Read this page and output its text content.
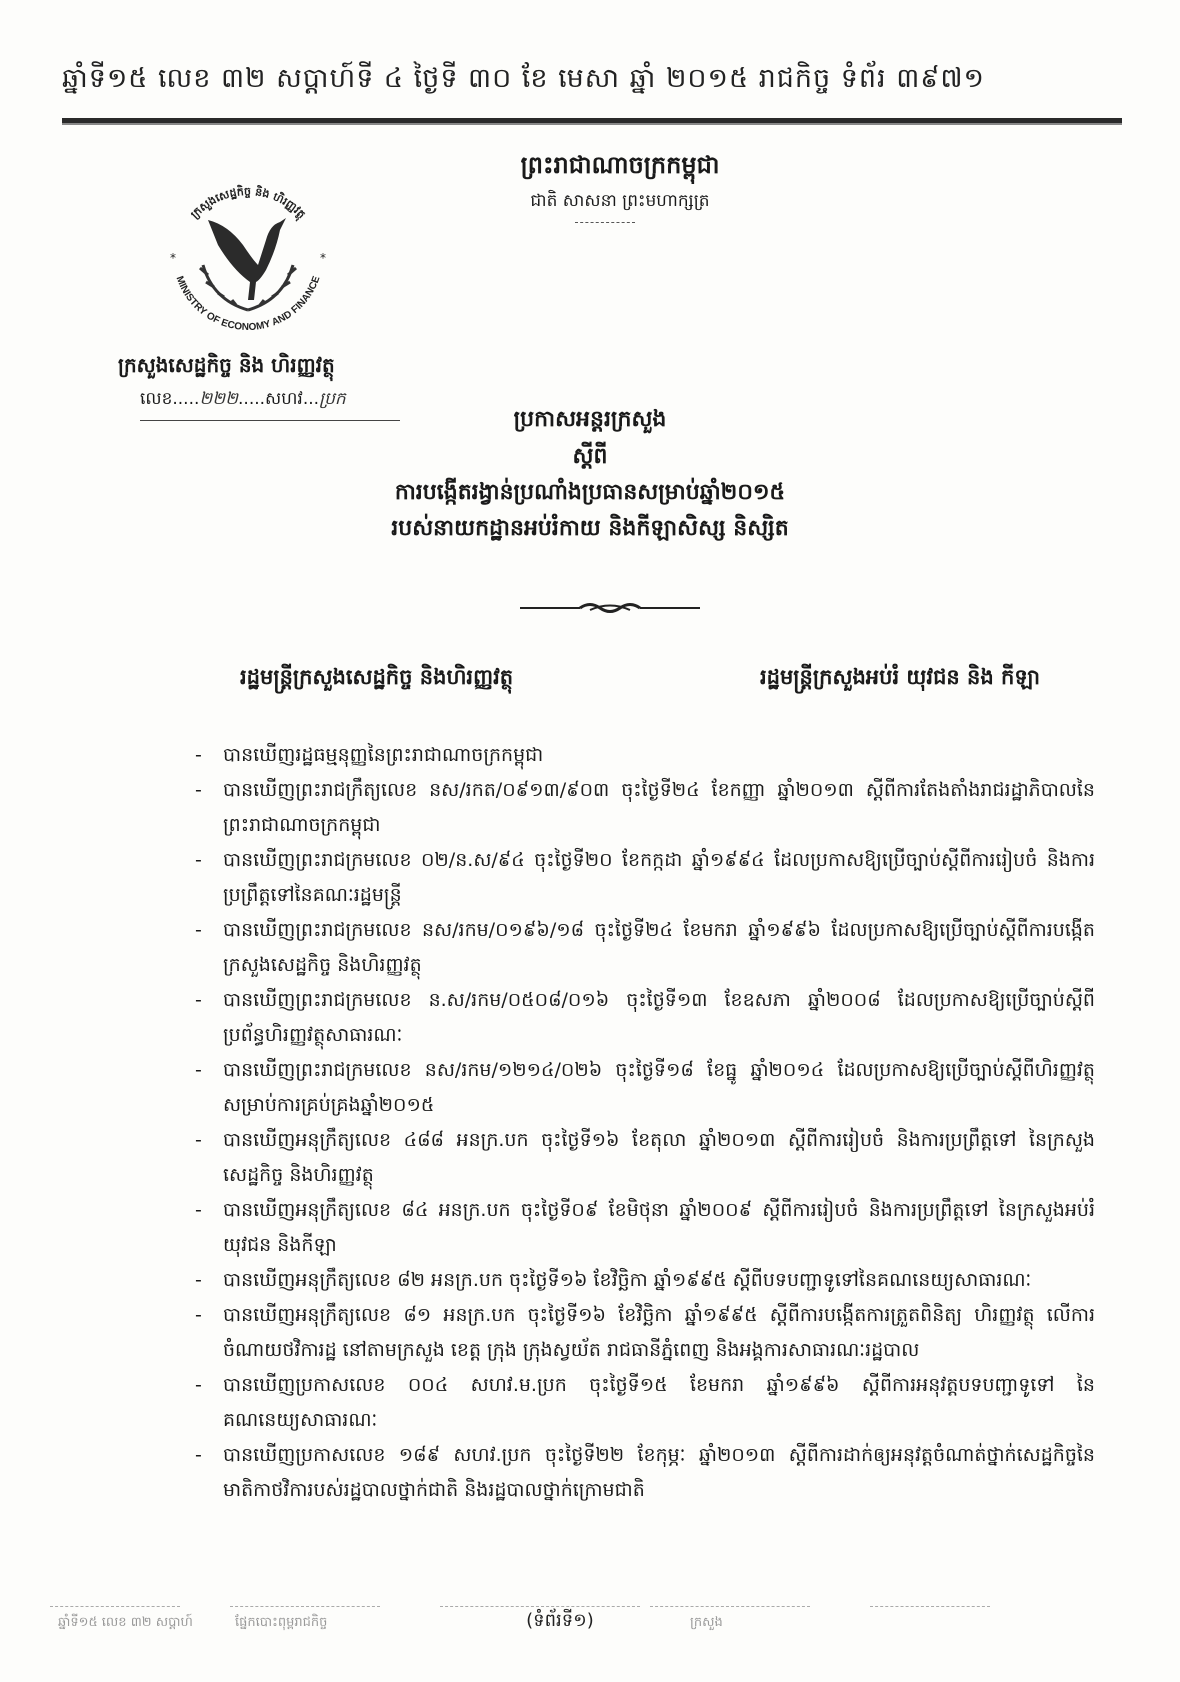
ឆ្នាំទី១៥ លេខ ៣២ សប្តាហ៍ទី ៤ ថ្ងៃទី ៣០ ខែ មេសា ឆ្នាំ ២០១៥ រាជកិច្ច ទំព័រ ៣៩៧១
ព្រះរាជាណាចក្រកម្ពុជា
ជាតិ សាសនា ព្រះមហាក្សត្រ
ក្រសួងសេដ្ឋកិច្ច និង ហិរញ្ញវត្ថុ
MINISTRY OF ECONOMY AND FINANCE
*	*
ក្រសួងសេដ្ឋកិច្ច និង ហិរញ្ញវត្ថុ
លេខ.....២២២.....សហវ...ប្រក
ប្រកាសអន្តរក្រសួង
ស្តីពី
ការបង្កើតរង្វាន់ប្រណាំងប្រធានសម្រាប់ឆ្នាំ២០១៥
របស់នាយកដ្ឋានអប់រំកាយ និងកីឡាសិស្ស និស្សិត
រដ្ឋមន្ត្រីក្រសួងសេដ្ឋកិច្ច និងហិរញ្ញវត្ថុ	រដ្ឋមន្ត្រីក្រសួងអប់រំ យុវជន និង កីឡា
- បានឃើញរដ្ឋធម្មនុញ្ញនៃព្រះរាជាណាចក្រកម្ពុជា
- បានឃើញព្រះរាជក្រឹត្យលេខ នស/រកត/០៩១៣/៩០៣ ចុះថ្ងៃទី២៤ ខែកញ្ញា ឆ្នាំ២០១៣ ស្តីពីការតែងតាំងរាជរដ្ឋាភិបាលនៃព្រះរាជាណាចក្រកម្ពុជា
- បានឃើញព្រះរាជក្រមលេខ ០២/ន.ស/៩៤ ចុះថ្ងៃទី២០ ខែកក្កដា ឆ្នាំ១៩៩៤ ដែលប្រកាសឱ្យប្រើច្បាប់ស្តីពីការរៀបចំ និងការប្រព្រឹត្តទៅនៃគណៈរដ្ឋមន្ត្រី
- បានឃើញព្រះរាជក្រមលេខ នស/រកម/០១៩៦/១៨ ចុះថ្ងៃទី២៤ ខែមករា ឆ្នាំ១៩៩៦ ដែលប្រកាសឱ្យប្រើច្បាប់ស្តីពីការបង្កើតក្រសួងសេដ្ឋកិច្ច និងហិរញ្ញវត្ថុ
- បានឃើញព្រះរាជក្រមលេខ ន.ស/រកម/០៥០៨/០១៦ ចុះថ្ងៃទី១៣ ខែឧសភា ឆ្នាំ២០០៨ ដែលប្រកាសឱ្យប្រើច្បាប់ស្តីពីប្រព័ន្ធហិរញ្ញវត្ថុសាធារណៈ
- បានឃើញព្រះរាជក្រមលេខ នស/រកម/១២១៤/០២៦ ចុះថ្ងៃទី១៨ ខែធ្នូ ឆ្នាំ២០១៤ ដែលប្រកាសឱ្យប្រើច្បាប់ស្តីពីហិរញ្ញវត្ថុសម្រាប់ការគ្រប់គ្រងឆ្នាំ២០១៥
- បានឃើញអនុក្រឹត្យលេខ ៤៨៨ អនក្រ.បក ចុះថ្ងៃទី១៦ ខែតុលា ឆ្នាំ២០១៣ ស្តីពីការរៀបចំ និងការប្រព្រឹត្តទៅ នៃក្រសួងសេដ្ឋកិច្ច និងហិរញ្ញវត្ថុ
- បានឃើញអនុក្រឹត្យលេខ ៨៤ អនក្រ.បក ចុះថ្ងៃទី០៩ ខែមិថុនា ឆ្នាំ២០០៩ ស្តីពីការរៀបចំ និងការប្រព្រឹត្តទៅ នៃក្រសួងអប់រំ យុវជន និងកីឡា
- បានឃើញអនុក្រឹត្យលេខ ៨២ អនក្រ.បក ចុះថ្ងៃទី១៦ ខែវិច្ឆិកា ឆ្នាំ១៩៩៥ ស្តីពីបទបញ្ជាទូទៅនៃគណនេយ្យសាធារណៈ
- បានឃើញអនុក្រឹត្យលេខ ៨១ អនក្រ.បក ចុះថ្ងៃទី១៦ ខែវិច្ឆិកា ឆ្នាំ១៩៩៥ ស្តីពីការបង្កើតការត្រួតពិនិត្យ ហិរញ្ញវត្ថុ លើការចំណាយថវិការដ្ឋ នៅតាមក្រសួង ខេត្ត ក្រុង ក្រុងស្វយ័ត រាជធានីភ្នំពេញ និងអង្គការសាធារណៈរដ្ឋបាល
- បានឃើញប្រកាសលេខ ០០៤ សហវ.ម.ប្រក ចុះថ្ងៃទី១៥ ខែមករា ឆ្នាំ១៩៩៦ ស្តីពីការអនុវត្តបទបញ្ជាទូទៅ នៃគណនេយ្យសាធារណៈ
- បានឃើញប្រកាសលេខ ១៨៩ សហវ.ប្រក ចុះថ្ងៃទី២២ ខែកុម្ភៈ ឆ្នាំ២០១៣ ស្តីពីការដាក់ឲ្យអនុវត្តចំណាត់ថ្នាក់សេដ្ឋកិច្ចនៃមាតិកាថវិការបស់រដ្ឋបាលថ្នាក់ជាតិ និងរដ្ឋបាលថ្នាក់ក្រោមជាតិ
ឆ្នាំទី១៥ លេខ ៣២ សប្តាហ៍	ផ្នែកបោះពុម្ពរាជកិច្ច	(ទំព័រទី១)	ក្រសួង
